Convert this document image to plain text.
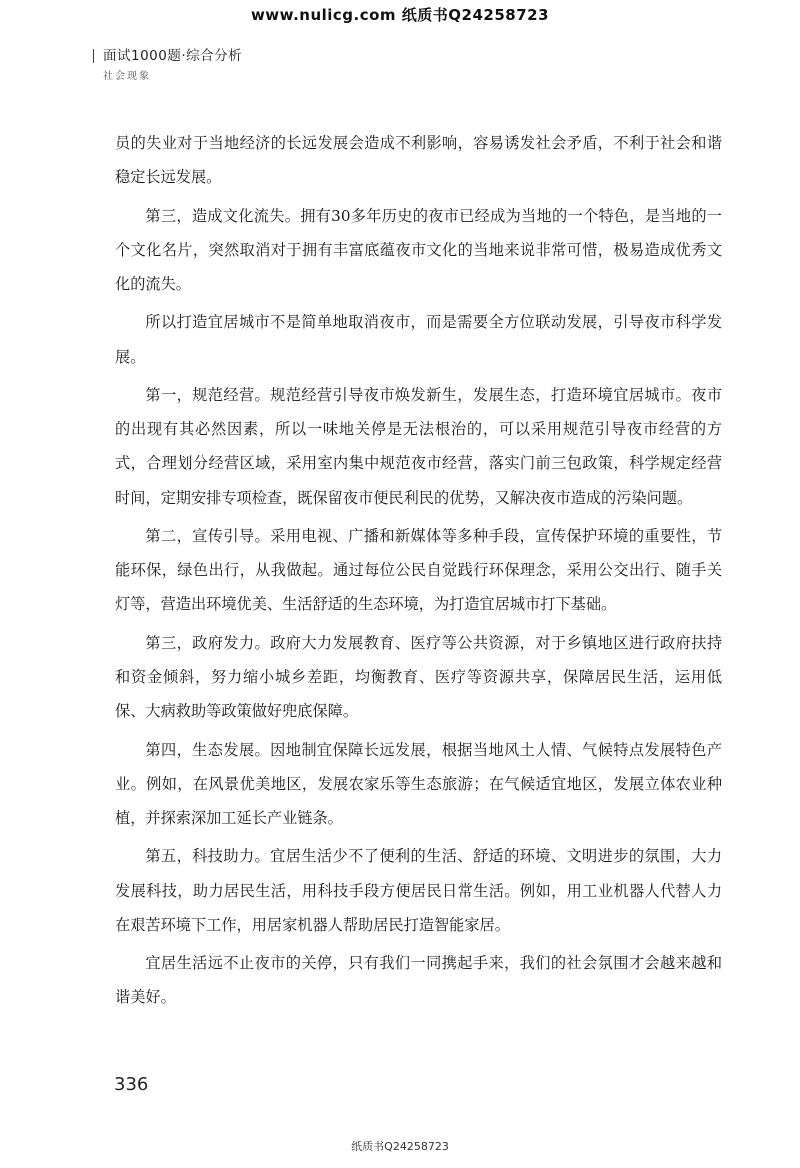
www.nulicg.com 纸质书Q24258723
面试1000题·综合分析
社会现象

员的失业对于当地经济的长远发展会造成不利影响，容易诱发社会矛盾，不利于社会和谐稳定长远发展。

第三，造成文化流失。拥有30多年历史的夜市已经成为当地的一个特色，是当地的一个文化名片，突然取消对于拥有丰富底蕴夜市文化的当地来说非常可惜，极易造成优秀文化的流失。

所以打造宜居城市不是简单地取消夜市，而是需要全方位联动发展，引导夜市科学发展。

第一，规范经营。规范经营引导夜市焕发新生，发展生态，打造环境宜居城市。夜市的出现有其必然因素，所以一味地关停是无法根治的，可以采用规范引导夜市经营的方式，合理划分经营区域，采用室内集中规范夜市经营，落实门前三包政策，科学规定经营时间，定期安排专项检查，既保留夜市便民利民的优势，又解决夜市造成的污染问题。

第二，宣传引导。采用电视、广播和新媒体等多种手段，宣传保护环境的重要性，节能环保，绿色出行，从我做起。通过每位公民自觉践行环保理念，采用公交出行、随手关灯等，营造出环境优美、生活舒适的生态环境，为打造宜居城市打下基础。

第三，政府发力。政府大力发展教育、医疗等公共资源，对于乡镇地区进行政府扶持和资金倾斜，努力缩小城乡差距，均衡教育、医疗等资源共享，保障居民生活，运用低保、大病救助等政策做好兜底保障。

第四，生态发展。因地制宜保障长远发展，根据当地风土人情、气候特点发展特色产业。例如，在风景优美地区，发展农家乐等生态旅游；在气候适宜地区，发展立体农业种植，并探索深加工延长产业链条。

第五，科技助力。宜居生活少不了便利的生活、舒适的环境、文明进步的氛围，大力发展科技，助力居民生活，用科技手段方便居民日常生活。例如，用工业机器人代替人力在艰苦环境下工作，用居家机器人帮助居民打造智能家居。

宜居生活远不止夜市的关停，只有我们一同携起手来，我们的社会氛围才会越来越和谐美好。

336
纸质书Q24258723
